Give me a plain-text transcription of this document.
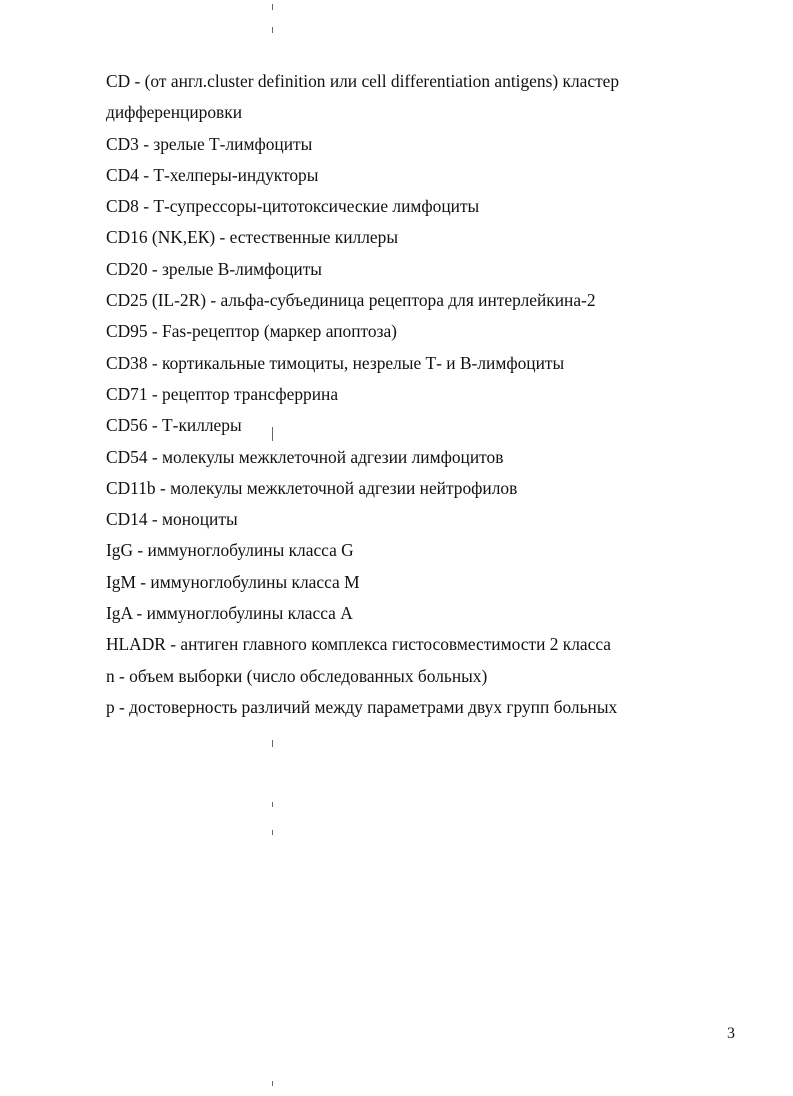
CD - (от англ.cluster definition или cell differentiation antigens) кластер
дифференцировки
CD3 - зрелые Т-лимфоциты
CD4 - Т-хелперы-индукторы
CD8 - Т-супрессоры-цитотоксические лимфоциты
CD16 (NK,ЕК) - естественные киллеры
CD20 - зрелые В-лимфоциты
CD25 (IL-2R) - альфа-субъединица рецептора для интерлейкина-2
CD95 - Fas-рецептор (маркер апоптоза)
CD38 - кортикальные тимоциты, незрелые Т- и В-лимфоциты
CD71 - рецептор трансферрина
CD56 - Т-киллеры
CD54 - молекулы межклеточной адгезии лимфоцитов
CD11b - молекулы межклеточной адгезии нейтрофилов
CD14 - моноциты
IgG - иммуноглобулины класса G
IgM - иммуноглобулины класса М
IgA - иммуноглобулины класса А
HLADR - антиген главного комплекса гистосовместимости 2 класса
n - объем выборки (число обследованных больных)
p - достоверность различий между параметрами двух групп больных
3
